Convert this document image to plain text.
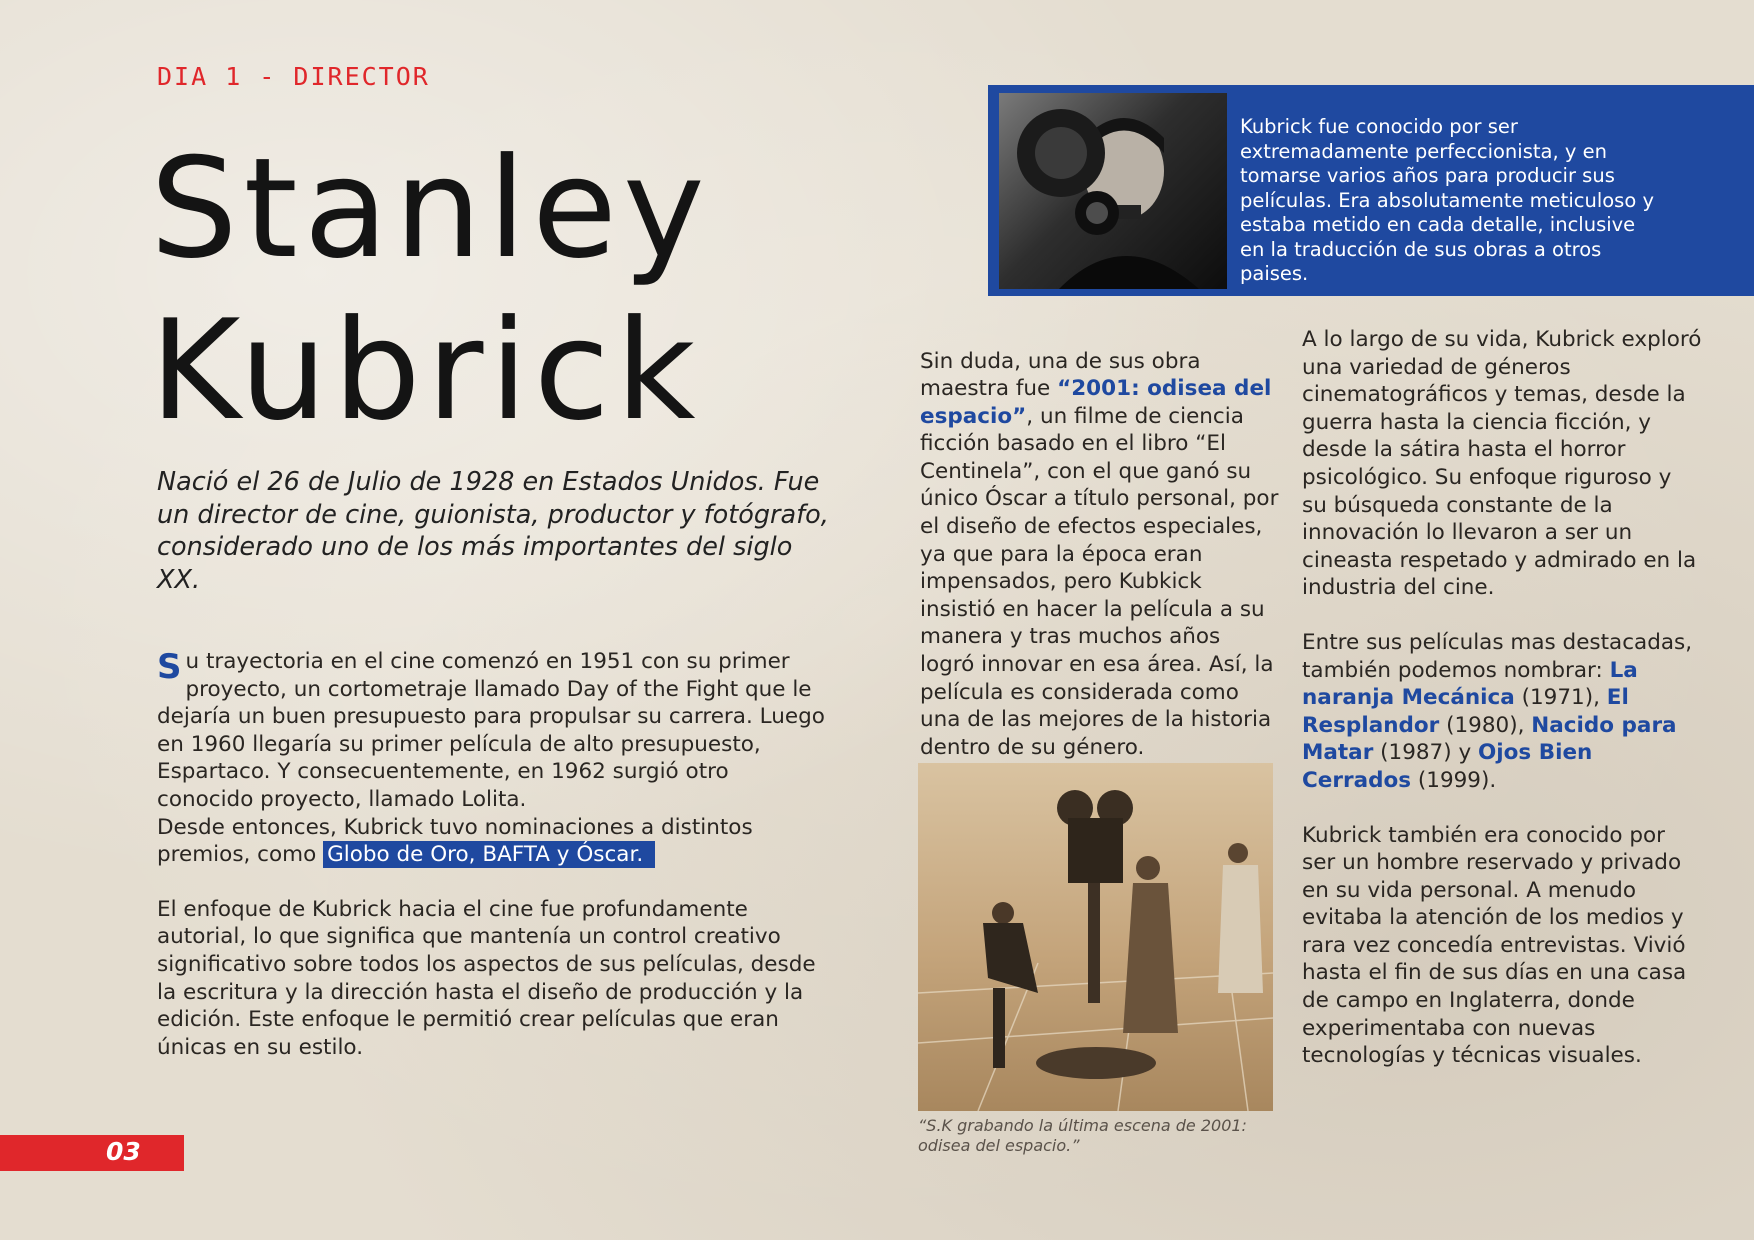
DIA 1 - DIRECTOR

Stanley
Kubrick

Nació el 26 de Julio de 1928 en Estados Unidos. Fue un director de cine, guionista, productor y fotógrafo, considerado uno de los más importantes del siglo XX.

Su trayectoria en el cine comenzó en 1951 con su primer proyecto, un cortometraje llamado Day of the Fight que le dejaría un buen presupuesto para propulsar su carrera. Luego en 1960 llegaría su primer película de alto presupuesto, Espartaco. Y consecuentemente, en 1962 surgió otro conocido proyecto, llamado Lolita.
Desde entonces, Kubrick tuvo nominaciones a distintos premios, como Globo de Oro, BAFTA y Óscar.

El enfoque de Kubrick hacia el cine fue profundamente autorial, lo que significa que mantenía un control creativo significativo sobre todos los aspectos de sus películas, desde la escritura y la dirección hasta el diseño de producción y la edición. Este enfoque le permitió crear películas que eran únicas en su estilo.

Kubrick fue conocido por ser extremadamente perfeccionista, y en tomarse varios años para producir sus películas. Era absolutamente meticuloso y estaba metido en cada detalle, inclusive en la traducción de sus obras a otros paises.

Sin duda, una de sus obra maestra fue “2001: odisea del espacio”, un filme de ciencia ficción basado en el libro “El Centinela”, con el que ganó su único Óscar a título personal, por el diseño de efectos especiales, ya que para la época eran impensados, pero Kubkick insistió en hacer la película a su manera y tras muchos años logró innovar en esa área. Así, la película es considerada como una de las mejores de la historia dentro de su género.

“S.K grabando la última escena de 2001: odisea del espacio.”

A lo largo de su vida, Kubrick exploró una variedad de géneros cinematográficos y temas, desde la guerra hasta la ciencia ficción, y desde la sátira hasta el horror psicológico. Su enfoque riguroso y su búsqueda constante de la innovación lo llevaron a ser un cineasta respetado y admirado en la industria del cine.

Entre sus películas mas destacadas, también podemos nombrar: La naranja Mecánica (1971), El Resplandor (1980), Nacido para Matar (1987) y Ojos Bien Cerrados (1999).

Kubrick también era conocido por ser un hombre reservado y privado en su vida personal. A menudo evitaba la atención de los medios y rara vez concedía entrevistas. Vivió hasta el fin de sus días en una casa de campo en Inglaterra, donde experimentaba con nuevas tecnologías y técnicas visuales.

03
